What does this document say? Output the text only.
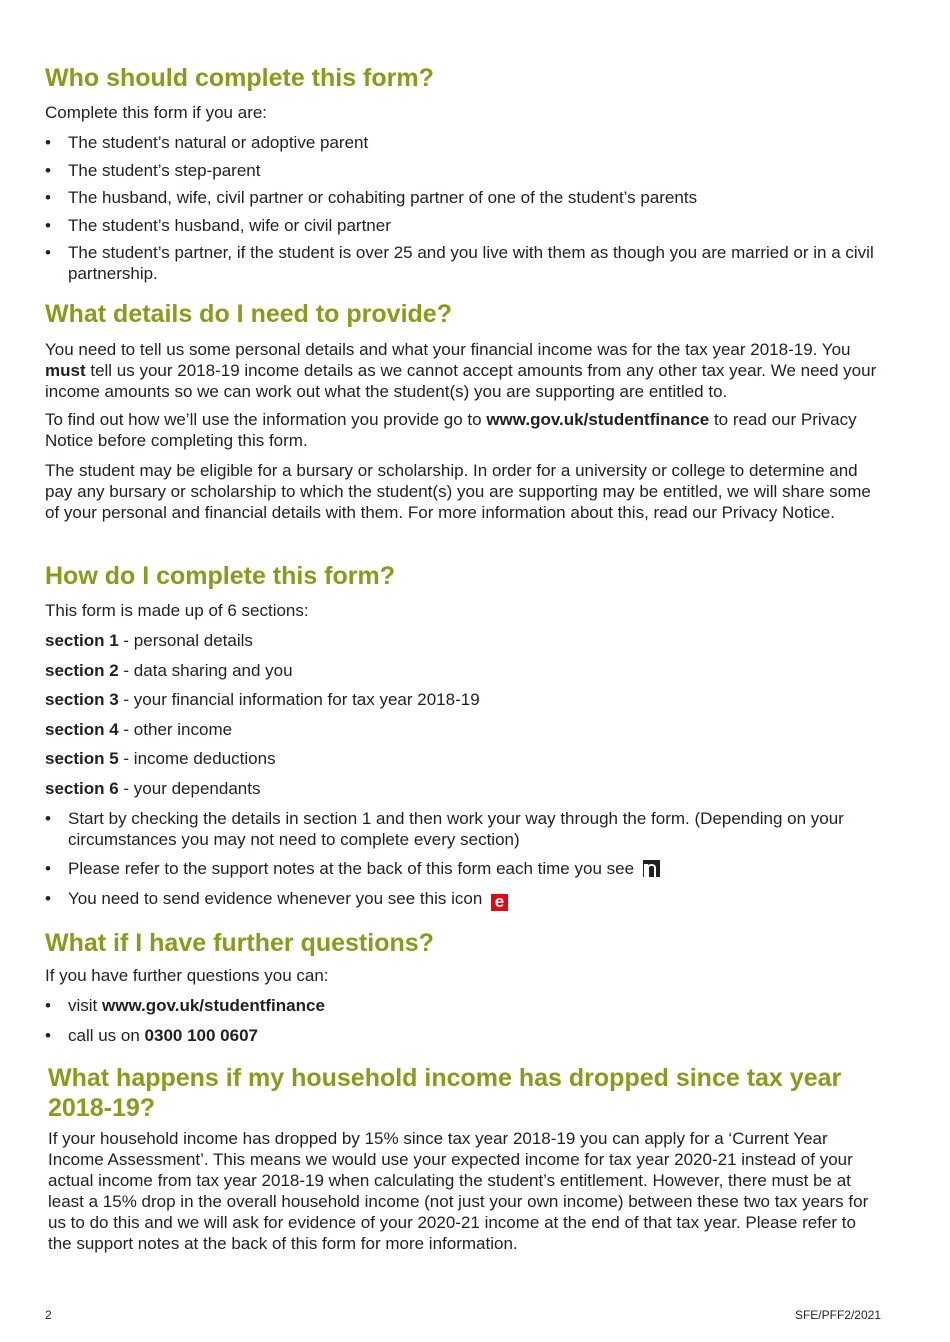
Who should complete this form?

Complete this form if you are:

•	The student’s natural or adoptive parent
•	The student’s step-parent
•	The husband, wife, civil partner or cohabiting partner of one of the student’s parents
•	The student’s husband, wife or civil partner
•	The student’s partner, if the student is over 25 and you live with them as though you are married or in a civil partnership.
What details do I need to provide?

You need to tell us some personal details and what your financial income was for the tax year 2018-19. You must tell us your 2018-19 income details as we cannot accept amounts from any other tax year. We need your income amounts so we can work out what the student(s) you are supporting are entitled to.

To find out how we’ll use the information you provide go to www.gov.uk/studentfinance to read our Privacy Notice before completing this form.

The student may be eligible for a bursary or scholarship. In order for a university or college to determine and pay any bursary or scholarship to which the student(s) you are supporting may be entitled, we will share some of your personal and financial details with them. For more information about this, read our Privacy Notice.

How do I complete this form?

This form is made up of 6 sections:

section 1 - personal details

section 2 - data sharing and you

section 3 - your financial information for tax year 2018-19

section 4 - other income

section 5 - income deductions

section 6 - your dependants

•	Start by checking the details in section 1 and then work your way through the form. (Depending on your circumstances you may not need to complete every section)
•	Please refer to the support notes at the back of this form each time you see
•	You need to send evidence whenever you see this icon e
What if I have further questions?

If you have further questions you can:

•	visit www.gov.uk/studentfinance
•	call us on 0300 100 0607
What happens if my household income has dropped since tax year 2018-19?

If your household income has dropped by 15% since tax year 2018-19 you can apply for a ‘Current Year Income Assessment’. This means we would use your expected income for tax year 2020-21 instead of your actual income from tax year 2018-19 when calculating the student’s entitlement. However, there must be at least a 15% drop in the overall household income (not just your own income) between these two tax years for us to do this and we will ask for evidence of your 2020-21 income at the end of that tax year. Please refer to the support notes at the back of this form for more information.

2	SFE/PFF2/2021
